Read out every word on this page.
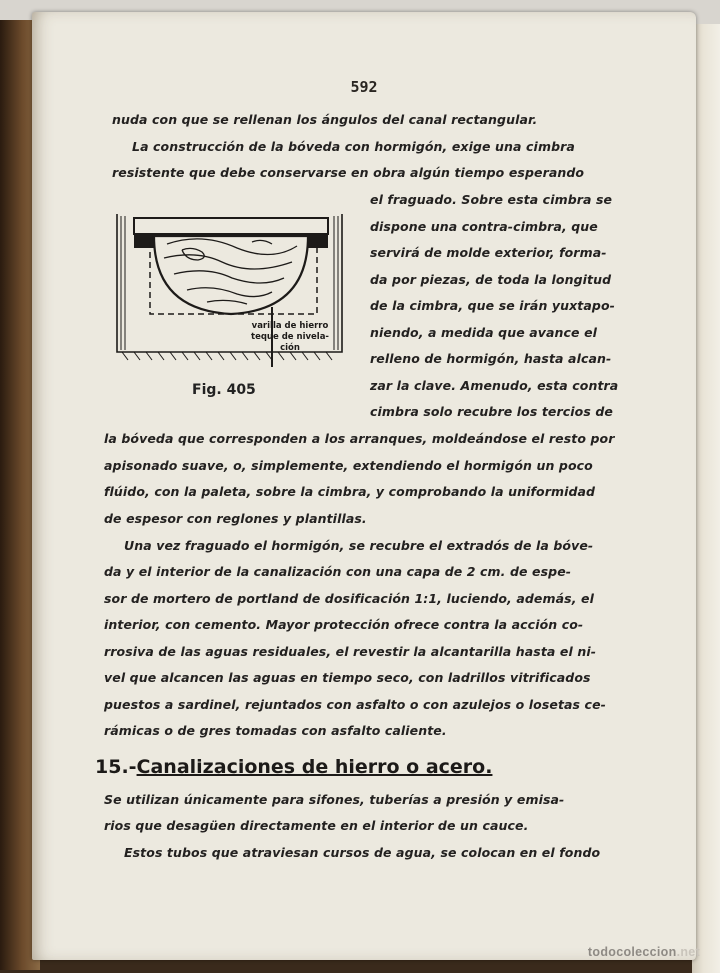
592
nuda con que se rellenan los ángulos del canal rectangular.
La construcción de la bóveda con hormigón, exige una cimbra
resistente que debe conservarse en obra algún tiempo esperando
el fraguado. Sobre esta cimbra se
dispone una contra-cimbra, que
servirá de molde exterior, forma-
da por piezas, de toda la longitud
de la cimbra, que se irán yuxtapo-
niendo, a medida que avance el
relleno de hormigón, hasta alcan-
zar la clave. Amenudo, esta contra
cimbra solo recubre los tercios de
varilla de hierro
teque de nivela-
ción
Fig. 405
la bóveda que corresponden a los arranques, moldeándose el resto por
apisonado suave, o, simplemente, extendiendo el hormigón un poco
flúido, con la paleta, sobre la cimbra, y comprobando la uniformidad
de espesor con reglones y plantillas.
Una vez fraguado el hormigón, se recubre el extradós de la bóve-
da y el interior de la canalización con una capa de 2 cm. de espe-
sor de mortero de portland de dosificación 1:1, luciendo, además, el
interior, con cemento. Mayor protección ofrece contra la acción co-
rrosiva de las aguas residuales, el revestir la alcantarilla hasta el ni-
vel que alcancen las aguas en tiempo seco, con ladrillos vitrificados
puestos a sardinel, rejuntados con asfalto o con azulejos o losetas ce-
rámicas o de gres tomadas con asfalto caliente.
15.-Canalizaciones de hierro o acero.
Se utilizan únicamente para sifones, tuberías a presión y emisa-
rios que desagüen directamente en el interior de un cauce.
Estos tubos que atraviesan cursos de agua, se colocan en el fondo
todocoleccion.net
